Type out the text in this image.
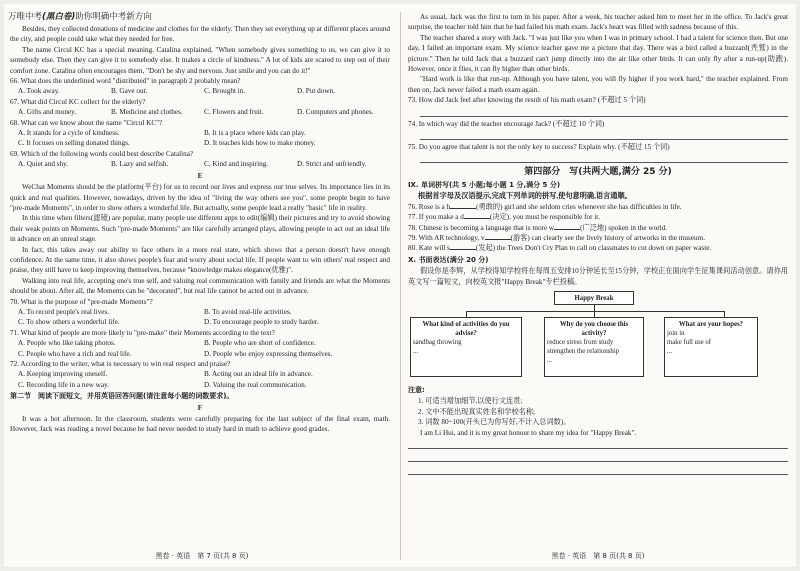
万唯中考(黑白卷)助你明确中考新方向

Besides, they collected donations of medicine and clothes for the elderly. Then they set everything up at different places around the city, and people could take what they needed for free.

The name Circul KC has a special meaning. Catalina explained, "When somebody gives something to us, we can give it to somebody else. Then they can give it to somebody else. It makes a circle of kindness." A lot of kids are scared to step out of their comfort zone. Catalina often encourages them, "Don't be shy and nervous. Just smile and you can do it!"

66. What does the underlined word "distributed" in paragraph 2 probably mean?

A. Took away.	B. Gave out.	C. Brought in.	D. Put down.

67. What did Circul KC collect for the elderly?

A. Gifts and money.	B. Medicine and clothes.	C. Flowers and fruit.	D. Computers and phones.

68. What can we know about the name "Circul KC"?

A. It stands for a cycle of kindness.	B. It is a place where kids can play.
C. It focuses on selling donated things.	D. It teaches kids how to make money.

69. Which of the following words could best describe Catalina?

A. Quiet and shy.	B. Lazy and selfish.	C. Kind and inspiring.	D. Strict and unfriendly.
E

WeChat Moments should be the platform(平台) for us to record our lives and express our true selves. Its importance lies in its quick and real qualities. However, nowadays, driven by the idea of "living the way others see you", some people begin to have "pre-made Moments", in order to show others a wonderful life. But actually, some people lead a really "basic" life in reality.

In this time when filters(滤镜) are popular, many people use different apps to edit(编辑) their pictures and try to avoid showing their weak points on Moments. Such "pre-made Moments" are like carefully arranged plays, allowing people to act out an ideal life in advance on an unreal stage.

In fact, this takes away our ability to face others in a more real state, which shows that a person doesn't have enough confidence. At the same time, it also shows people's fear and worry about social life. If people want to win others' real respect and praise, they still have to keep improving themselves, because "knowledge makes elegance(优雅)".

Walking into real life, accepting one's true self, and valuing real communication with family and friends are what the Moments should be about. After all, the Moments can be "decorated", but real life cannot be acted out in advance.

70. What is the purpose of "pre-made Moments"?

A. To record people's real lives.	B. To avoid real-life activities.
C. To show others a wonderful life.	D. To encourage people to study harder.

71. What kind of people are more likely to "pre-make" their Moments according to the text?

A. People who like taking photos.	B. People who are short of confidence.
C. People who have a rich and real life.	D. People who enjoy expressing themselves.

72. According to the writer, what is necessary to win real respect and praise?

A. Keeping improving oneself.	B. Acting out an ideal life in advance.
C. Recording life in a new way.	D. Valuing the real communication.
第二节　阅读下面短文，并用英语回答问题(请注意每小题的词数要求)。
F

It was a hot afternoon. In the classroom, students were carefully preparing for the last subject of the final exam, math. However, Jack was reading a novel because he had never needed to study hard in math to achieve good grades.

黑卷 · 英语　第 7 页(共 8 页)

As usual, Jack was the first to turn in his paper. After a week, his teacher asked him to meet her in the office. To Jack's great surprise, the teacher told him that he had failed his math exam. Jack's heart was filled with sadness because of this.

The teacher shared a story with Jack. "I was just like you when I was in primary school. I had a talent for science then. But one day, I failed an important exam. My science teacher gave me a picture that day. There was a bird called a buzzard(秃鹫) in the picture." Then he told Jack that a buzzard can't jump directly into the air like other birds. It can only fly after a run-up(助跑). However, once it flies, it can fly higher than other birds.

"Hard work is like that run-up. Although you have talent, you will fly higher if you work hard," the teacher explained. From then on, Jack never failed a math exam again.

73. How did Jack feel after knowing the result of his math exam? (不超过 5 个词)

74. In which way did the teacher encourage Jack? (不超过 10 个词)

75. Do you agree that talent is not the only key to success? Explain why. (不超过 15 个词)

第四部分　写(共两大题,满分 25 分)
Ⅸ. 单词拼写(共 5 小题;每小题 1 分,满分 5 分)

根据首字母及汉语提示,完成下列单词的拼写,使句意明确,语言通顺。

76. Rose is a h	(勇敢的) girl and she seldom cries whenever she has difficulties in life.

77. If you make a d	(决定), you must be responsible for it.

78. Chinese is becoming a language that is more w	(广泛地) spoken in the world.

79. With AR technology, v	(游客) can clearly see the lively history of artworks in the museum.

80. Kate will s	(发起) the Trees Don't Cry Plan to call on classmates to cut down on paper waste.

Ⅹ. 书面表达(满分 20 分)

假设你是李辉，从学校得知学校将在每周五安排10分钟延长至15分钟，学校正在面向学生征集课间活动创意。请你用英文写一篇短文，向校英文报"Happy Break"专栏投稿。

Happy Break
What kind of activities do you advise?
sandbag throwing
...
Why do you choose this activity?
reduce stress from study
strengthen the relationship
...
What are your hopes?
join in
make full use of
...
注意:

1. 可适当增加细节,以使行文连贯;

2. 文中不能出现真实姓名和学校名称;

3. 词数 80~100(开头已为你写好,不计入总词数)。

I am Li Hui, and it is my great honour to share my idea for "Happy Break".

黑卷 · 英语　第 8 页(共 8 页)
